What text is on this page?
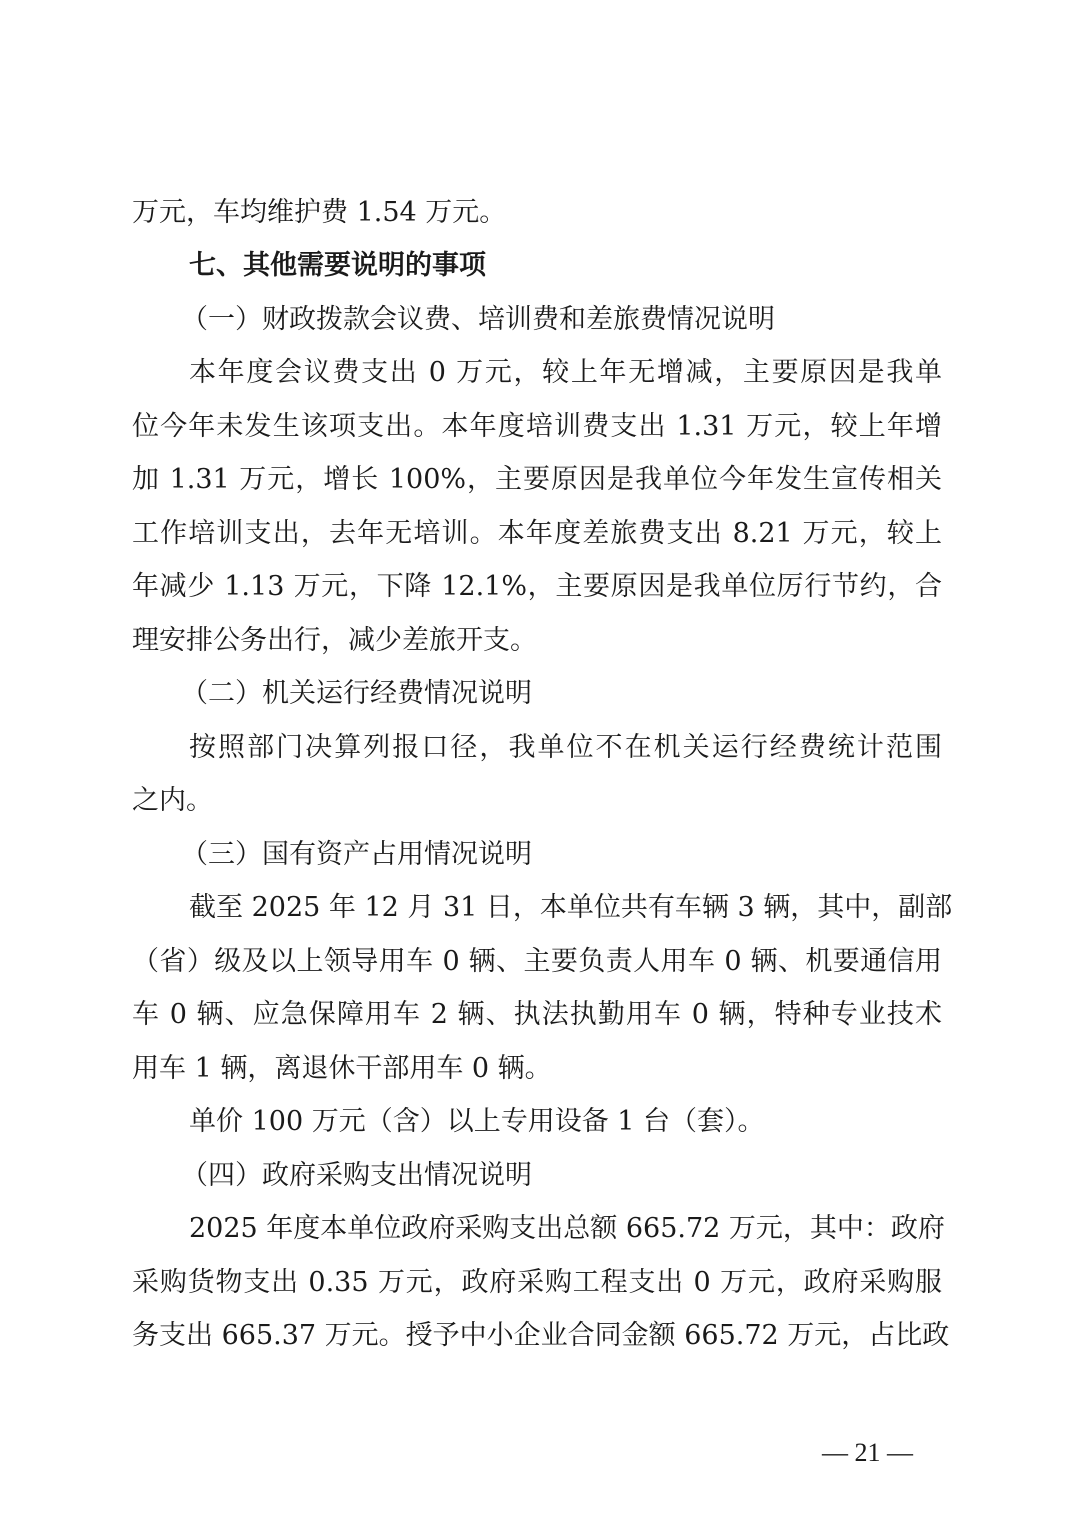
万元，车均维护费 1.54 万元。
七、其他需要说明的事项
（一）财政拨款会议费、培训费和差旅费情况说明
本年度会议费支出 0 万元，较上年无增减，主要原因是我单
位今年未发生该项支出。本年度培训费支出 1.31 万元，较上年增
加 1.31 万元，增长 100%，主要原因是我单位今年发生宣传相关
工作培训支出，去年无培训。本年度差旅费支出 8.21 万元，较上
年减少 1.13 万元，下降 12.1%，主要原因是我单位厉行节约，合
理安排公务出行，减少差旅开支。
（二）机关运行经费情况说明
按照部门决算列报口径，我单位不在机关运行经费统计范围
之内。
（三）国有资产占用情况说明
截至 2025 年 12 月 31 日，本单位共有车辆 3 辆，其中，副部
（省）级及以上领导用车 0 辆、主要负责人用车 0 辆、机要通信用
车 0 辆、应急保障用车 2 辆、执法执勤用车 0 辆，特种专业技术
用车 1 辆，离退休干部用车 0 辆。
单价 100 万元（含）以上专用设备 1 台（套）。
（四）政府采购支出情况说明
2025 年度本单位政府采购支出总额 665.72 万元，其中：政府
采购货物支出 0.35 万元，政府采购工程支出 0 万元，政府采购服
务支出 665.37 万元。授予中小企业合同金额 665.72 万元，占比政
— 21 —
